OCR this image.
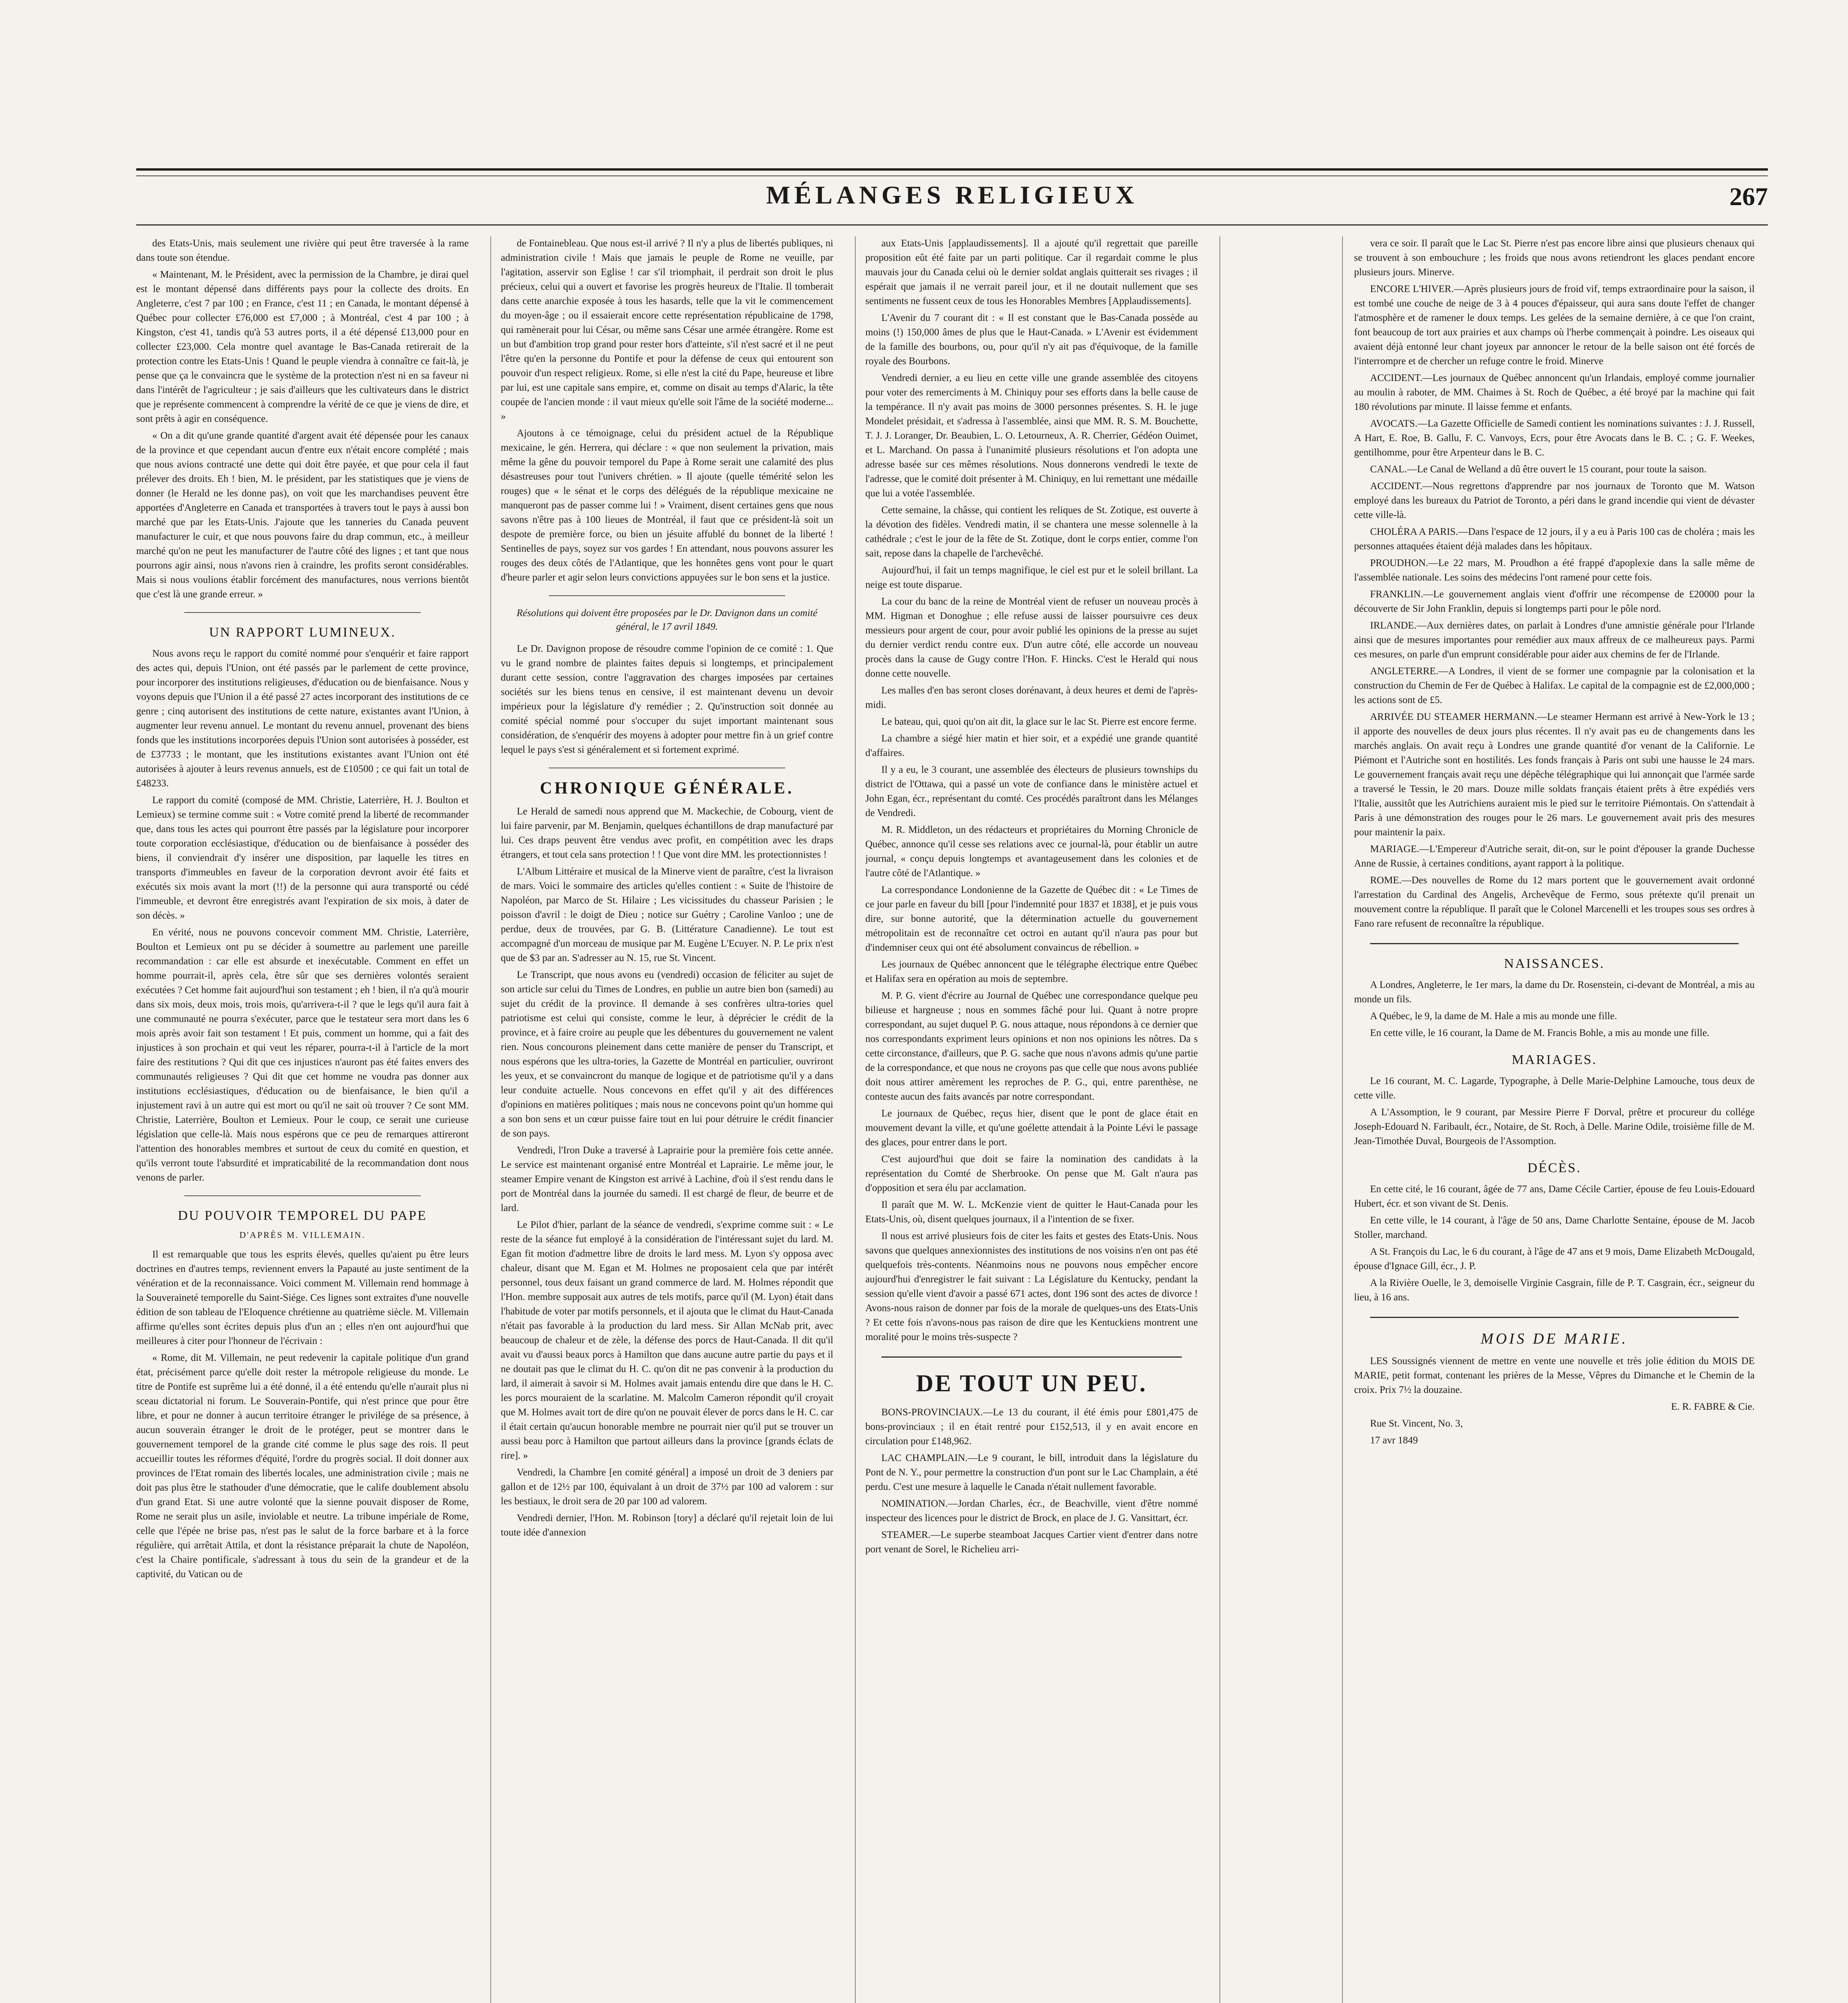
MÉLANGES RELIGIEUX	267

des Etats-Unis, mais seulement une rivière qui peut être traversée à la rame dans toute son étendue.

« Maintenant, M. le Président, avec la permission de la Chambre, je dirai quel est le montant dépensé dans différents pays pour la collecte des droits. En Angleterre, c'est 7 par 100 ; en France, c'est 11 ; en Canada, le montant dépensé à Québec pour collecter £76,000 est £7,000 ; à Montréal, c'est 4 par 100 ; à Kingston, c'est 41, tandis qu'à 53 autres ports, il a été dépensé £13,000 pour en collecter £23,000. Cela montre quel avantage le Bas-Canada retirerait de la protection contre les Etats-Unis ! Quand le peuple viendra à connaître ce fait-là, je pense que ça le convaincra que le système de la protection n'est ni en sa faveur ni dans l'intérêt de l'agriculteur ; je sais d'ailleurs que les cultivateurs dans le district que je représente commencent à comprendre la vérité de ce que je viens de dire, et sont prêts à agir en conséquence.

« On a dit qu'une grande quantité d'argent avait été dépensée pour les canaux de la province et que cependant aucun d'entre eux n'était encore complété ; mais que nous avions contracté une dette qui doit être payée, et que pour cela il faut prélever des droits. Eh ! bien, M. le président, par les statistiques que je viens de donner (le Herald ne les donne pas), on voit que les marchandises peuvent être apportées d'Angleterre en Canada et transportées à travers tout le pays à aussi bon marché que par les Etats-Unis. J'ajoute que les tanneries du Canada peuvent manufacturer le cuir, et que nous pouvons faire du drap commun, etc., à meilleur marché qu'on ne peut les manufacturer de l'autre côté des lignes ; et tant que nous pourrons agir ainsi, nous n'avons rien à craindre, les profits seront considérables. Mais si nous voulions établir forcément des manufactures, nous verrions bientôt que c'est là une grande erreur. »

UN RAPPORT LUMINEUX.

Nous avons reçu le rapport du comité nommé pour s'enquérir et faire rapport des actes qui, depuis l'Union, ont été passés par le parlement de cette province, pour incorporer des institutions religieuses, d'éducation ou de bienfaisance. Nous y voyons depuis que l'Union il a été passé 27 actes incorporant des institutions de ce genre ; cinq autorisent des institutions de cette nature, existantes avant l'Union, à augmenter leur revenu annuel. Le montant du revenu annuel, provenant des biens fonds que les institutions incorporées depuis l'Union sont autorisées à posséder, est de £37733 ; le montant, que les institutions existantes avant l'Union ont été autorisées à ajouter à leurs revenus annuels, est de £10500 ; ce qui fait un total de £48233.

Le rapport du comité (composé de MM. Christie, Laterrière, H. J. Boulton et Lemieux) se termine comme suit : « Votre comité prend la liberté de recommander que, dans tous les actes qui pourront être passés par la législature pour incorporer toute corporation ecclésiastique, d'éducation ou de bienfaisance à posséder des biens, il conviendrait d'y insérer une disposition, par laquelle les titres en transports d'immeubles en faveur de la corporation devront avoir été faits et exécutés six mois avant la mort (!!) de la personne qui aura transporté ou cédé l'immeuble, et devront être enregistrés avant l'expiration de six mois, à dater de son décès. »

En vérité, nous ne pouvons concevoir comment MM. Christie, Laterrière, Boulton et Lemieux ont pu se décider à soumettre au parlement une pareille recommandation : car elle est absurde et inexécutable. Comment en effet un homme pourrait-il, après cela, être sûr que ses dernières volontés seraient exécutées ? Cet homme fait aujourd'hui son testament ; eh ! bien, il n'a qu'à mourir dans six mois, deux mois, trois mois, qu'arrivera-t-il ? que le legs qu'il aura fait à une communauté ne pourra s'exécuter, parce que le testateur sera mort dans les 6 mois après avoir fait son testament ! Et puis, comment un homme, qui a fait des injustices à son prochain et qui veut les réparer, pourra-t-il à l'article de la mort faire des restitutions ? Qui dit que ces injustices n'auront pas été faites envers des communautés religieuses ? Qui dit que cet homme ne voudra pas donner aux institutions ecclésiastiques, d'éducation ou de bienfaisance, le bien qu'il a injustement ravi à un autre qui est mort ou qu'il ne sait où trouver ? Ce sont MM. Christie, Laterrière, Boulton et Lemieux. Pour le coup, ce serait une curieuse législation que celle-là. Mais nous espérons que ce peu de remarques attireront l'attention des honorables membres et surtout de ceux du comité en question, et qu'ils verront toute l'absurdité et impraticabilité de la recommandation dont nous venons de parler.

DU POUVOIR TEMPOREL DU PAPE
D'APRÈS M. VILLEMAIN.

Il est remarquable que tous les esprits élevés, quelles qu'aient pu être leurs doctrines en d'autres temps, reviennent envers la Papauté au juste sentiment de la vénération et de la reconnaissance. Voici comment M. Villemain rend hommage à la Souveraineté temporelle du Saint-Siége. Ces lignes sont extraites d'une nouvelle édition de son tableau de l'Eloquence chrétienne au quatrième siècle. M. Villemain affirme qu'elles sont écrites depuis plus d'un an ; elles n'en ont aujourd'hui que meilleures à citer pour l'honneur de l'écrivain :

« Rome, dit M. Villemain, ne peut redevenir la capitale politique d'un grand état, précisément parce qu'elle doit rester la métropole religieuse du monde. Le titre de Pontife est suprême lui a été donné, il a été entendu qu'elle n'aurait plus ni sceau dictatorial ni forum. Le Souverain-Pontife, qui n'est prince que pour être libre, et pour ne donner à aucun territoire étranger le privilége de sa présence, à aucun souverain étranger le droit de le protéger, peut se montrer dans le gouvernement temporel de la grande cité comme le plus sage des rois. Il peut accueillir toutes les réformes d'équité, l'ordre du progrès social. Il doit donner aux provinces de l'Etat romain des libertés locales, une administration civile ; mais ne doit pas plus être le stathouder d'une démocratie, que le calife doublement absolu d'un grand Etat. Si une autre volonté que la sienne pouvait disposer de Rome, Rome ne serait plus un asile, inviolable et neutre. La tribune impériale de Rome, celle que l'épée ne brise pas, n'est pas le salut de la force barbare et à la force régulière, qui arrêtait Attila, et dont la résistance préparait la chute de Napoléon, c'est la Chaire pontificale, s'adressant à tous du sein de la grandeur et de la captivité, du Vatican ou de

de Fontainebleau. Que nous est-il arrivé ? Il n'y a plus de libertés publiques, ni administration civile ! Mais que jamais le peuple de Rome ne veuille, par l'agitation, asservir son Eglise ! car s'il triomphait, il perdrait son droit le plus précieux, celui qui a ouvert et favorise les progrès heureux de l'Italie. Il tomberait dans cette anarchie exposée à tous les hasards, telle que la vit le commencement du moyen-âge ; ou il essaierait encore cette représentation républicaine de 1798, qui ramènerait pour lui César, ou même sans César une armée étrangère. Rome est un but d'ambition trop grand pour rester hors d'atteinte, s'il n'est sacré et il ne peut l'être qu'en la personne du Pontife et pour la défense de ceux qui entourent son pouvoir d'un respect religieux. Rome, si elle n'est la cité du Pape, heureuse et libre par lui, est une capitale sans empire, et, comme on disait au temps d'Alaric, la tête coupée de l'ancien monde : il vaut mieux qu'elle soit l'âme de la société moderne... »

Ajoutons à ce témoignage, celui du président actuel de la République mexicaine, le gén. Herrera, qui déclare : « que non seulement la privation, mais même la gêne du pouvoir temporel du Pape à Rome serait une calamité des plus désastreuses pour tout l'univers chrétien. » Il ajoute (quelle témérité selon les rouges) que « le sénat et le corps des délégués de la république mexicaine ne manqueront pas de passer comme lui ! » Vraiment, disent certaines gens que nous savons n'être pas à 100 lieues de Montréal, il faut que ce président-là soit un despote de première force, ou bien un jésuite affublé du bonnet de la liberté ! Sentinelles de pays, soyez sur vos gardes ! En attendant, nous pouvons assurer les rouges des deux côtés de l'Atlantique, que les honnêtes gens vont pour le quart d'heure parler et agir selon leurs convictions appuyées sur le bon sens et la justice.

Résolutions qui doivent être proposées par le Dr. Davignon dans un comité général, le 17 avril 1849.

Le Dr. Davignon propose de résoudre comme l'opinion de ce comité : 1. Que vu le grand nombre de plaintes faites depuis si longtemps, et principalement durant cette session, contre l'aggravation des charges imposées par certaines sociétés sur les biens tenus en censive, il est maintenant devenu un devoir impérieux pour la législature d'y remédier ; 2. Qu'instruction soit donnée au comité spécial nommé pour s'occuper du sujet important maintenant sous considération, de s'enquérir des moyens à adopter pour mettre fin à un grief contre lequel le pays s'est si généralement et si fortement exprimé.

CHRONIQUE GÉNÉRALE.

Le Herald de samedi nous apprend que M. Mackechie, de Cobourg, vient de lui faire parvenir, par M. Benjamin, quelques échantillons de drap manufacturé par lui. Ces draps peuvent être vendus avec profit, en compétition avec les draps étrangers, et tout cela sans protection ! ! Que vont dire MM. les protectionnistes !

L'Album Littéraire et musical de la Minerve vient de paraître, c'est la livraison de mars. Voici le sommaire des articles qu'elles contient : « Suite de l'histoire de Napoléon, par Marco de St. Hilaire ; Les vicissitudes du chasseur Parisien ; le poisson d'avril : le doigt de Dieu ; notice sur Guétry ; Caroline Vanloo ; une de perdue, deux de trouvées, par G. B. (Littérature Canadienne). Le tout est accompagné d'un morceau de musique par M. Eugène L'Ecuyer. N. P. Le prix n'est que de $3 par an. S'adresser au N. 15, rue St. Vincent.

Le Transcript, que nous avons eu (vendredi) occasion de féliciter au sujet de son article sur celui du Times de Londres, en publie un autre bien bon (samedi) au sujet du crédit de la province. Il demande à ses confrères ultra-tories quel patriotisme est celui qui consiste, comme le leur, à déprécier le crédit de la province, et à faire croire au peuple que les débentures du gouvernement ne valent rien. Nous concourons pleinement dans cette manière de penser du Transcript, et nous espérons que les ultra-tories, la Gazette de Montréal en particulier, ouvriront les yeux, et se convaincront du manque de logique et de patriotisme qu'il y a dans leur conduite actuelle. Nous concevons en effet qu'il y ait des différences d'opinions en matières politiques ; mais nous ne concevons point qu'un homme qui a son bon sens et un cœur puisse faire tout en lui pour détruire le crédit financier de son pays.

Vendredi, l'Iron Duke a traversé à Laprairie pour la première fois cette année. Le service est maintenant organisé entre Montréal et Laprairie. Le même jour, le steamer Empire venant de Kingston est arrivé à Lachine, d'où il s'est rendu dans le port de Montréal dans la journée du samedi. Il est chargé de fleur, de beurre et de lard.

Le Pilot d'hier, parlant de la séance de vendredi, s'exprime comme suit : « Le reste de la séance fut employé à la considération de l'intéressant sujet du lard. M. Egan fit motion d'admettre libre de droits le lard mess. M. Lyon s'y opposa avec chaleur, disant que M. Egan et M. Holmes ne proposaient cela que par intérêt personnel, tous deux faisant un grand commerce de lard. M. Holmes répondit que l'Hon. membre supposait aux autres de tels motifs, parce qu'il (M. Lyon) était dans l'habitude de voter par motifs personnels, et il ajouta que le climat du Haut-Canada n'était pas favorable à la production du lard mess. Sir Allan McNab prit, avec beaucoup de chaleur et de zèle, la défense des porcs de Haut-Canada. Il dit qu'il avait vu d'aussi beaux porcs à Hamilton que dans aucune autre partie du pays et il ne doutait pas que le climat du H. C. qu'on dit ne pas convenir à la production du lard, il aimerait à savoir si M. Holmes avait jamais entendu dire que dans le H. C. les porcs mouraient de la scarlatine. M. Malcolm Cameron répondit qu'il croyait que M. Holmes avait tort de dire qu'on ne pouvait élever de porcs dans le H. C. car il était certain qu'aucun honorable membre ne pourrait nier qu'il put se trouver un aussi beau porc à Hamilton que partout ailleurs dans la province [grands éclats de rire]. »

Vendredi, la Chambre [en comité général] a imposé un droit de 3 deniers par gallon et de 12½ par 100, équivalant à un droit de 37½ par 100 ad valorem : sur les bestiaux, le droit sera de 20 par 100 ad valorem.

Vendredi dernier, l'Hon. M. Robinson [tory] a déclaré qu'il rejetait loin de lui toute idée d'annexion

aux Etats-Unis [applaudissements]. Il a ajouté qu'il regrettait que pareille proposition eût été faite par un parti politique. Car il regardait comme le plus mauvais jour du Canada celui où le dernier soldat anglais quitterait ses rivages ; il espérait que jamais il ne verrait pareil jour, et il ne doutait nullement que ses sentiments ne fussent ceux de tous les Honorables Membres [Applaudissements].

L'Avenir du 7 courant dit : « Il est constant que le Bas-Canada possède au moins (!) 150,000 âmes de plus que le Haut-Canada. » L'Avenir est évidemment de la famille des bourbons, ou, pour qu'il n'y ait pas d'équivoque, de la famille royale des Bourbons.

Vendredi dernier, a eu lieu en cette ville une grande assemblée des citoyens pour voter des remerciments à M. Chiniquy pour ses efforts dans la belle cause de la tempérance. Il n'y avait pas moins de 3000 personnes présentes. S. H. le juge Mondelet présidait, et s'adressa à l'assemblée, ainsi que MM. R. S. M. Bouchette, T. J. J. Loranger, Dr. Beaubien, L. O. Letourneux, A. R. Cherrier, Gédéon Ouimet, et L. Marchand. On passa à l'unanimité plusieurs résolutions et l'on adopta une adresse basée sur ces mêmes résolutions. Nous donnerons vendredi le texte de l'adresse, que le comité doit présenter à M. Chiniquy, en lui remettant une médaille que lui a votée l'assemblée.

Cette semaine, la châsse, qui contient les reliques de St. Zotique, est ouverte à la dévotion des fidèles. Vendredi matin, il se chantera une messe solennelle à la cathédrale ; c'est le jour de la fête de St. Zotique, dont le corps entier, comme l'on sait, repose dans la chapelle de l'archevêché.

Aujourd'hui, il fait un temps magnifique, le ciel est pur et le soleil brillant. La neige est toute disparue.

La cour du banc de la reine de Montréal vient de refuser un nouveau procès à MM. Higman et Donoghue ; elle refuse aussi de laisser poursuivre ces deux messieurs pour argent de cour, pour avoir publié les opinions de la presse au sujet du dernier verdict rendu contre eux. D'un autre côté, elle accorde un nouveau procès dans la cause de Gugy contre l'Hon. F. Hincks. C'est le Herald qui nous donne cette nouvelle.

Les malles d'en bas seront closes dorénavant, à deux heures et demi de l'après-midi.

Le bateau, qui, quoi qu'on ait dit, la glace sur le lac St. Pierre est encore ferme.

La chambre a siégé hier matin et hier soir, et a expédié une grande quantité d'affaires.

Il y a eu, le 3 courant, une assemblée des électeurs de plusieurs townships du district de l'Ottawa, qui a passé un vote de confiance dans le ministère actuel et John Egan, écr., représentant du comté. Ces procédés paraîtront dans les Mélanges de Vendredi.

M. R. Middleton, un des rédacteurs et propriétaires du Morning Chronicle de Québec, annonce qu'il cesse ses relations avec ce journal-là, pour établir un autre journal, « conçu depuis longtemps et avantageusement dans les colonies et de l'autre côté de l'Atlantique. »

La correspondance Londonienne de la Gazette de Québec dit : « Le Times de ce jour parle en faveur du bill [pour l'indemnité pour 1837 et 1838], et je puis vous dire, sur bonne autorité, que la détermination actuelle du gouvernement métropolitain est de reconnaître cet octroi en autant qu'il n'aura pas pour but d'indemniser ceux qui ont été absolument convaincus de rébellion. »

Les journaux de Québec annoncent que le télégraphe électrique entre Québec et Halifax sera en opération au mois de septembre.

M. P. G. vient d'écrire au Journal de Québec une correspondance quelque peu bilieuse et hargneuse ; nous en sommes fâché pour lui. Quant à notre propre correspondant, au sujet duquel P. G. nous attaque, nous répondons à ce dernier que nos correspondants expriment leurs opinions et non nos opinions les nôtres. Da s cette circonstance, d'ailleurs, que P. G. sache que nous n'avons admis qu'une partie de la correspondance, et que nous ne croyons pas que celle que nous avons publiée doit nous attirer amèrement les reproches de P. G., qui, entre parenthèse, ne conteste aucun des faits avancés par notre correspondant.

Le journaux de Québec, reçus hier, disent que le pont de glace était en mouvement devant la ville, et qu'une goélette attendait à la Pointe Lévi le passage des glaces, pour entrer dans le port.

C'est aujourd'hui que doit se faire la nomination des candidats à la représentation du Comté de Sherbrooke. On pense que M. Galt n'aura pas d'opposition et sera élu par acclamation.

Il paraît que M. W. L. McKenzie vient de quitter le Haut-Canada pour les Etats-Unis, où, disent quelques journaux, il a l'intention de se fixer.

Il nous est arrivé plusieurs fois de citer les faits et gestes des Etats-Unis. Nous savons que quelques annexionnistes des institutions de nos voisins n'en ont pas été quelquefois très-contents. Néanmoins nous ne pouvons nous empêcher encore aujourd'hui d'enregistrer le fait suivant : La Législature du Kentucky, pendant la session qu'elle vient d'avoir a passé 671 actes, dont 196 sont des actes de divorce ! Avons-nous raison de donner par fois de la morale de quelques-uns des Etats-Unis ? Et cette fois n'avons-nous pas raison de dire que les Kentuckiens montrent une moralité pour le moins très-suspecte ?

DE TOUT UN PEU.

BONS-PROVINCIAUX.—Le 13 du courant, il été émis pour £801,475 de bons-provinciaux ; il en était rentré pour £152,513, il y en avait encore en circulation pour £148,962.

LAC CHAMPLAIN.—Le 9 courant, le bill, introduit dans la législature du Pont de N. Y., pour permettre la construction d'un pont sur le Lac Champlain, a été perdu. C'est une mesure à laquelle le Canada n'était nullement favorable.

NOMINATION.—Jordan Charles, écr., de Beachville, vient d'être nommé inspecteur des licences pour le district de Brock, en place de J. G. Vansittart, écr.

STEAMER.—Le superbe steamboat Jacques Cartier vient d'entrer dans notre port venant de Sorel, le Richelieu arri-

vera ce soir. Il paraît que le Lac St. Pierre n'est pas encore libre ainsi que plusieurs chenaux qui se trouvent à son embouchure ; les froids que nous avons retiendront les glaces pendant encore plusieurs jours. Minerve.

ENCORE L'HIVER.—Après plusieurs jours de froid vif, temps extraordinaire pour la saison, il est tombé une couche de neige de 3 à 4 pouces d'épaisseur, qui aura sans doute l'effet de changer l'atmosphère et de ramener le doux temps. Les gelées de la semaine dernière, à ce que l'on craint, font beaucoup de tort aux prairies et aux champs où l'herbe commençait à poindre. Les oiseaux qui avaient déjà entonné leur chant joyeux par annoncer le retour de la belle saison ont été forcés de l'interrompre et de chercher un refuge contre le froid. Minerve

ACCIDENT.—Les journaux de Québec annoncent qu'un Irlandais, employé comme journalier au moulin à raboter, de MM. Chaimes à St. Roch de Québec, a été broyé par la machine qui fait 180 révolutions par minute. Il laisse femme et enfants.

AVOCATS.—La Gazette Officielle de Samedi contient les nominations suivantes : J. J. Russell, A Hart, E. Roe, B. Gallu, F. C. Vanvoys, Ecrs, pour être Avocats dans le B. C. ; G. F. Weekes, gentilhomme, pour être Arpenteur dans le B. C.

CANAL.—Le Canal de Welland a dû être ouvert le 15 courant, pour toute la saison.

ACCIDENT.—Nous regrettons d'apprendre par nos journaux de Toronto que M. Watson employé dans les bureaux du Patriot de Toronto, a péri dans le grand incendie qui vient de dévaster cette ville-là.

CHOLÉRA A PARIS.—Dans l'espace de 12 jours, il y a eu à Paris 100 cas de choléra ; mais les personnes attaquées étaient déjà malades dans les hôpitaux.

PROUDHON.—Le 22 mars, M. Proudhon a été frappé d'apoplexie dans la salle même de l'assemblée nationale. Les soins des médecins l'ont ramené pour cette fois.

FRANKLIN.—Le gouvernement anglais vient d'offrir une récompense de £20000 pour la découverte de Sir John Franklin, depuis si longtemps parti pour le pôle nord.

IRLANDE.—Aux dernières dates, on parlait à Londres d'une amnistie générale pour l'Irlande ainsi que de mesures importantes pour remédier aux maux affreux de ce malheureux pays. Parmi ces mesures, on parle d'un emprunt considérable pour aider aux chemins de fer de l'Irlande.

ANGLETERRE.—A Londres, il vient de se former une compagnie par la colonisation et la construction du Chemin de Fer de Québec à Halifax. Le capital de la compagnie est de £2,000,000 ; les actions sont de £5.

ARRIVÉE DU STEAMER HERMANN.—Le steamer Hermann est arrivé à New-York le 13 ; il apporte des nouvelles de deux jours plus récentes. Il n'y avait pas eu de changements dans les marchés anglais. On avait reçu à Londres une grande quantité d'or venant de la Californie. Le Piémont et l'Autriche sont en hostilités. Les fonds français à Paris ont subi une hausse le 24 mars. Le gouvernement français avait reçu une dépêche télégraphique qui lui annonçait que l'armée sarde a traversé le Tessin, le 20 mars. Douze mille soldats français étaient prêts à être expédiés vers l'Italie, aussitôt que les Autrichiens auraient mis le pied sur le territoire Piémontais. On s'attendait à Paris à une démonstration des rouges pour le 26 mars. Le gouvernement avait pris des mesures pour maintenir la paix.

MARIAGE.—L'Empereur d'Autriche serait, dit-on, sur le point d'épouser la grande Duchesse Anne de Russie, à certaines conditions, ayant rapport à la politique.

ROME.—Des nouvelles de Rome du 12 mars portent que le gouvernement avait ordonné l'arrestation du Cardinal des Angelis, Archevêque de Fermo, sous prétexte qu'il prenait un mouvement contre la république. Il paraît que le Colonel Marcenelli et les troupes sous ses ordres à Fano rare refusent de reconnaître la république.

NAISSANCES.

A Londres, Angleterre, le 1er mars, la dame du Dr. Rosenstein, ci-devant de Montréal, a mis au monde un fils.

A Québec, le 9, la dame de M. Hale a mis au monde une fille.

En cette ville, le 16 courant, la Dame de M. Francis Bohle, a mis au monde une fille.

MARIAGES.

Le 16 courant, M. C. Lagarde, Typographe, à Delle Marie-Delphine Lamouche, tous deux de cette ville.

A L'Assomption, le 9 courant, par Messire Pierre F Dorval, prêtre et procureur du collége Joseph-Edouard N. Faribault, écr., Notaire, de St. Roch, à Delle. Marine Odile, troisième fille de M. Jean-Timothée Duval, Bourgeois de l'Assomption.

DÉCÈS.

En cette cité, le 16 courant, âgée de 77 ans, Dame Cécile Cartier, épouse de feu Louis-Edouard Hubert, écr. et son vivant de St. Denis.

En cette ville, le 14 courant, à l'âge de 50 ans, Dame Charlotte Sentaine, épouse de M. Jacob Stoller, marchand.

A St. François du Lac, le 6 du courant, à l'âge de 47 ans et 9 mois, Dame Elizabeth McDougald, épouse d'Ignace Gill, écr., J. P.

A la Rivière Ouelle, le 3, demoiselle Virginie Casgrain, fille de P. T. Casgrain, écr., seigneur du lieu, à 16 ans.

MOIS DE MARIE.

LES Soussignés viennent de mettre en vente une nouvelle et très jolie édition du MOIS DE MARIE, petit format, contenant les prières de la Messe, Vêpres du Dimanche et le Chemin de la croix. Prix 7½ la douzaine.

E. R. FABRE & Cie.

Rue St. Vincent, No. 3,

17 avr 1849
